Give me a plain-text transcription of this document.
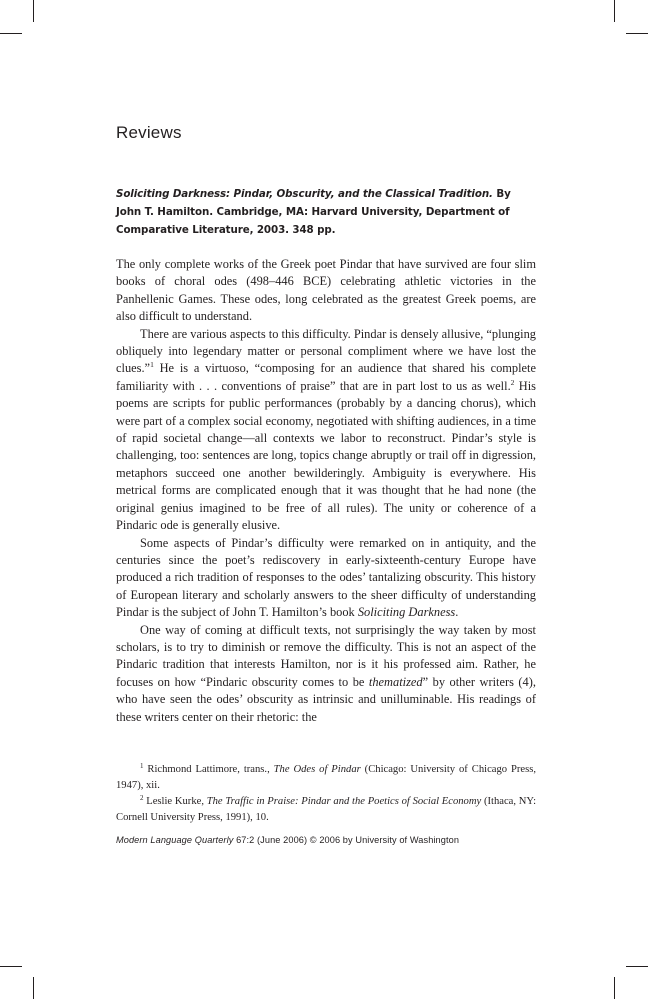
Reviews

Soliciting Darkness: Pindar, Obscurity, and the Classical Tradition. By John T. Hamilton. Cambridge, MA: Harvard University, Department of Comparative Literature, 2003. 348 pp.

The only complete works of the Greek poet Pindar that have survived are four slim books of choral odes (498–446 BCE) celebrating athletic victories in the Panhellenic Games. These odes, long celebrated as the greatest Greek poems, are also difficult to understand.

There are various aspects to this difficulty. Pindar is densely allusive, “plunging obliquely into legendary matter or personal compliment where we have lost the clues.”$^1$ He is a virtuoso, “composing for an audience that shared his complete familiarity with . . . conventions of praise” that are in part lost to us as well.$^2$ His poems are scripts for public performances (probably by a dancing chorus), which were part of a complex social economy, negotiated with shifting audiences, in a time of rapid societal change—all contexts we labor to reconstruct. Pindar’s style is challenging, too: sentences are long, topics change abruptly or trail off in digression, metaphors succeed one another bewilderingly. Ambiguity is everywhere. His metrical forms are complicated enough that it was thought that he had none (the original genius imagined to be free of all rules). The unity or coherence of a Pindaric ode is generally elusive.

Some aspects of Pindar’s difficulty were remarked on in antiquity, and the centuries since the poet’s rediscovery in early-sixteenth-century Europe have produced a rich tradition of responses to the odes’ tantalizing obscurity. This history of European literary and scholarly answers to the sheer difficulty of understanding Pindar is the subject of John T. Hamilton’s book Soliciting Darkness.

One way of coming at difficult texts, not surprisingly the way taken by most scholars, is to try to diminish or remove the difficulty. This is not an aspect of the Pindaric tradition that interests Hamilton, nor is it his professed aim. Rather, he focuses on how “Pindaric obscurity comes to be thematized” by other writers (4), who have seen the odes’ obscurity as intrinsic and unilluminable. His readings of these writers center on their rhetoric: the

$^1$ Richmond Lattimore, trans., The Odes of Pindar (Chicago: University of Chicago Press, 1947), xii.

$^2$ Leslie Kurke, The Traffic in Praise: Pindar and the Poetics of Social Economy (Ithaca, NY: Cornell University Press, 1991), 10.

Modern Language Quarterly 67:2 (June 2006) © 2006 by University of Washington
